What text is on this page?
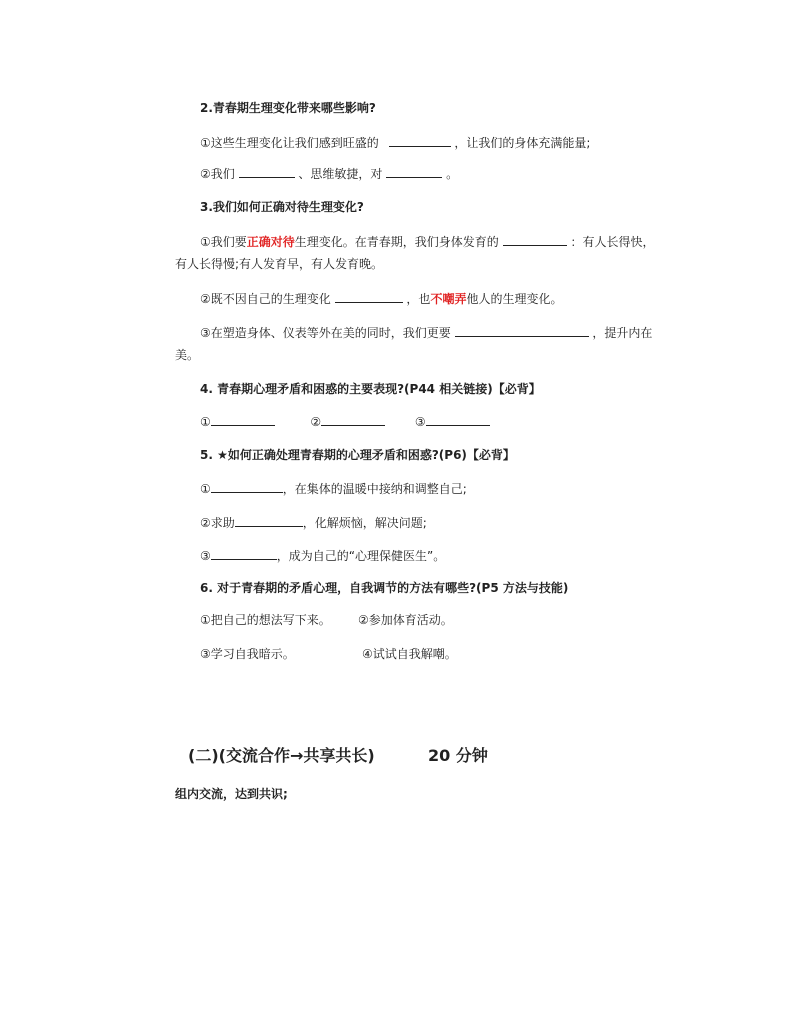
2.青春期生理变化带来哪些影响?
①这些生理变化让我们感到旺盛的	，让我们的身体充满能量;
②我们	、思维敏捷，对	。
3.我们如何正确对待生理变化?
①我们要正确对待生理变化。在青春期，我们身体发育的	：有人长得快，
有人长得慢;有人发育早，有人发育晚。
②既不因自己的生理变化	，也不嘲弄他人的生理变化。
③在塑造身体、仪表等外在美的同时，我们更要	，提升内在
美。
4. 青春期心理矛盾和困惑的主要表现?(P44 相关链接)【必背】
①	②	③
5. ★如何正确处理青春期的心理矛盾和困惑?(P6)【必背】
①	，在集体的温暖中接纳和调整自己;
②求助	，化解烦恼，解决问题;
③	，成为自己的“心理保健医生”。
6. 对于青春期的矛盾心理，自我调节的方法有哪些?(P5 方法与技能)
①把自己的想法写下来。 ②参加体育活动。
③学习自我暗示。	④试试自我解嘲。
(二)(交流合作→共享共长)	20 分钟
组内交流，达到共识;
